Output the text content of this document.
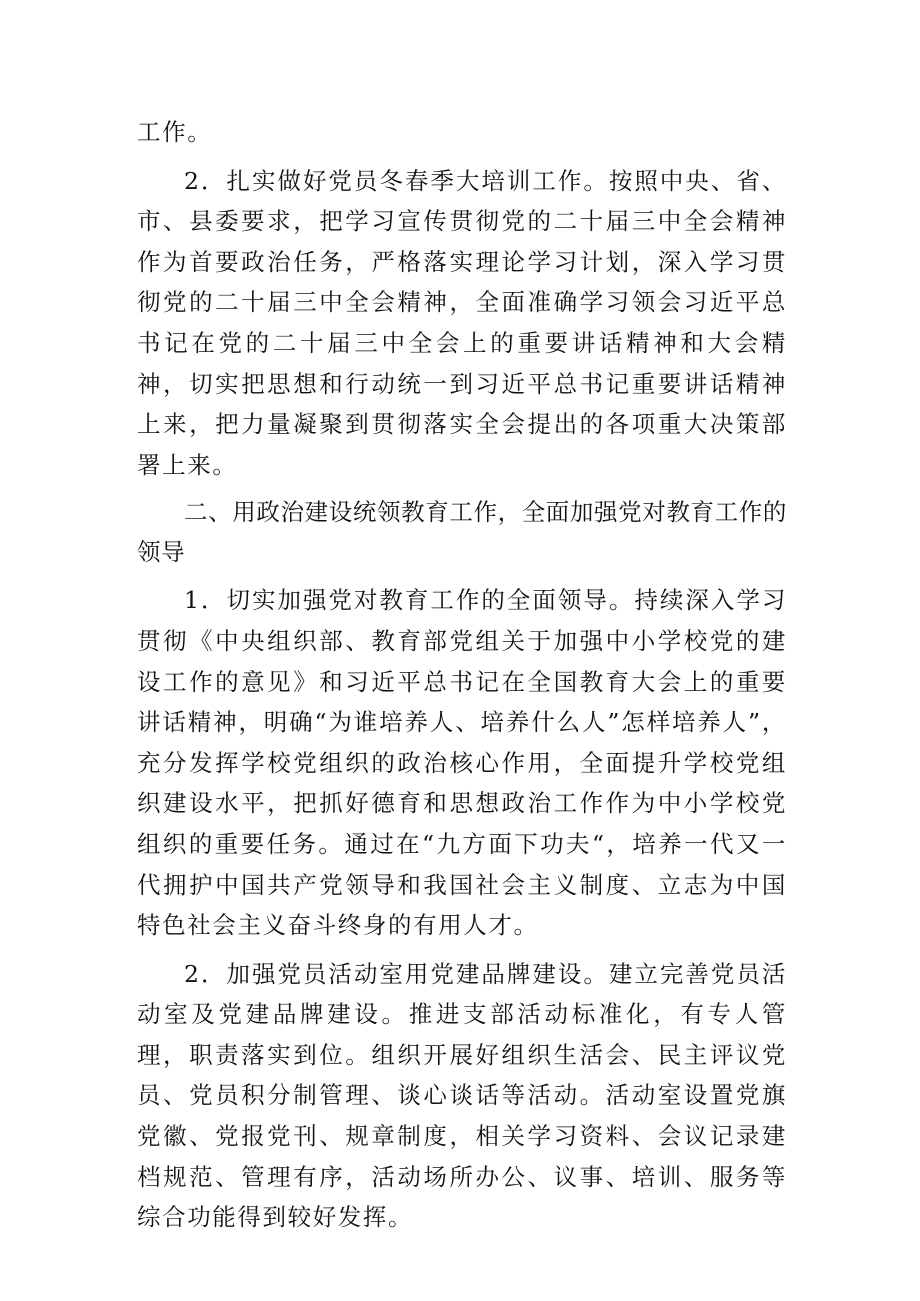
工作。

2．扎实做好党员冬春季大培训工作。按照中央、省、市、县委要求，把学习宣传贯彻党的二十届三中全会精神作为首要政治任务，严格落实理论学习计划，深入学习贯彻党的二十届三中全会精神，全面准确学习领会习近平总书记在党的二十届三中全会上的重要讲话精神和大会精神，切实把思想和行动统一到习近平总书记重要讲话精神上来，把力量凝聚到贯彻落实全会提出的各项重大决策部署上来。

二、用政治建设统领教育工作，全面加强党对教育工作的领导

1．切实加强党对教育工作的全面领导。持续深入学习贯彻《中央组织部、教育部党组关于加强中小学校党的建设工作的意见》和习近平总书记在全国教育大会上的重要讲话精神，明确“为谁培养人、培养什么人”怎样培养人”，充分发挥学校党组织的政治核心作用，全面提升学校党组织建设水平，把抓好德育和思想政治工作作为中小学校党组织的重要任务。通过在“九方面下功夫“，培养一代又一代拥护中国共产党领导和我国社会主义制度、立志为中国特色社会主义奋斗终身的有用人才。

2．加强党员活动室用党建品牌建设。建立完善党员活动室及党建品牌建设。推进支部活动标准化，有专人管理，职责落实到位。组织开展好组织生活会、民主评议党员、党员积分制管理、谈心谈话等活动。活动室设置党旗党徽、党报党刊、规章制度，相关学习资料、会议记录建档规范、管理有序，活动场所办公、议事、培训、服务等综合功能得到较好发挥。
